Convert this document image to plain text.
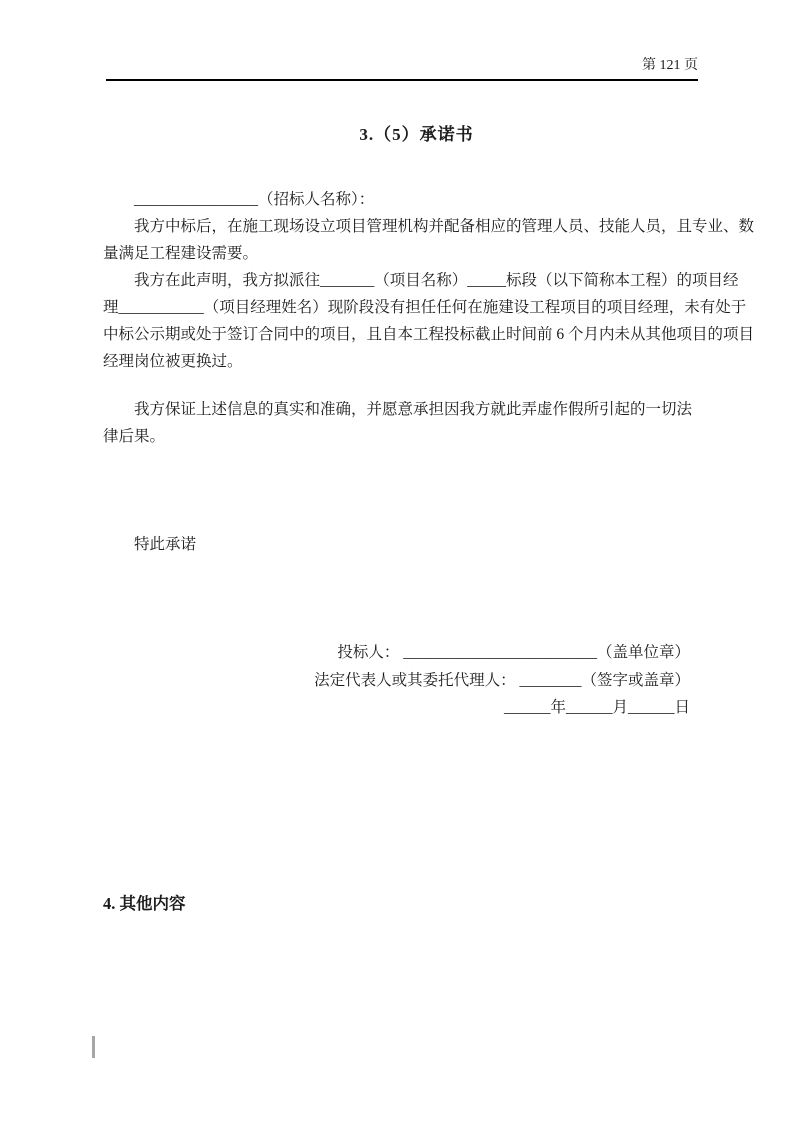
第 121 页
3.（5）承诺书
________________（招标人名称）：
我方中标后，在施工现场设立项目管理机构并配备相应的管理人员、技能人员，且专业、数
量满足工程建设需要。
我方在此声明，我方拟派往_______（项目名称）_____标段（以下简称本工程）的项目经
理___________（项目经理姓名）现阶段没有担任任何在施建设工程项目的项目经理，未有处于
中标公示期或处于签订合同中的项目，且自本工程投标截止时间前 6 个月内未从其他项目的项目
经理岗位被更换过。
我方保证上述信息的真实和准确，并愿意承担因我方就此弄虚作假所引起的一切法律后果。
特此承诺
投标人： _________________________（盖单位章）
法定代表人或其委托代理人： ________（签字或盖章）
______年______月______日
4. 其他内容
